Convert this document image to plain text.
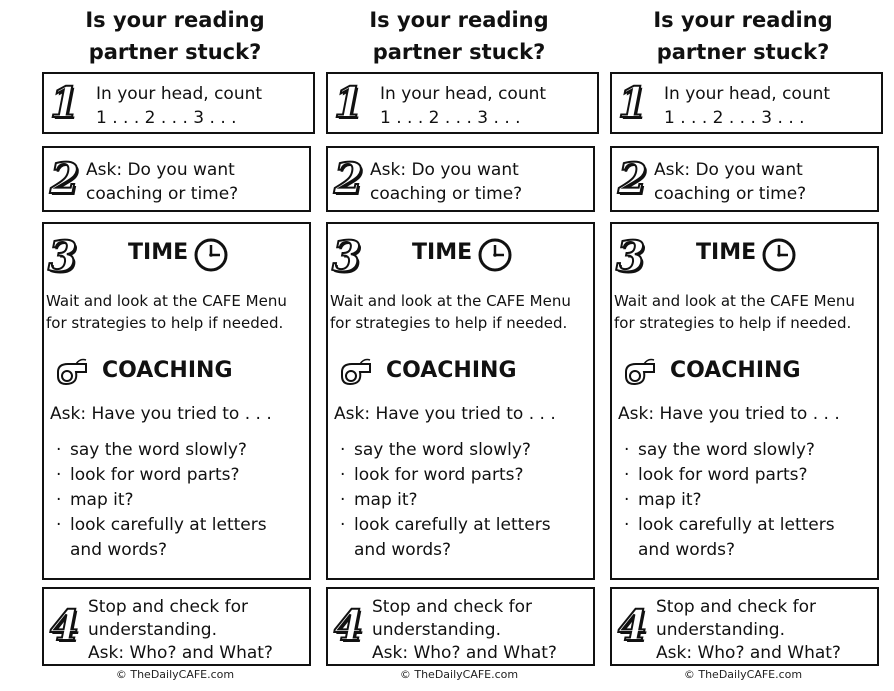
Is your reading partner stuck?
1 In your head, count
1 . . . 2 . . . 3 . . .
2 Ask: Do you want
coaching or time?
3 TIME
Wait and look at the CAFE Menu
for strategies to help if needed.
COACHING
Ask: Have you tried to . . .
· say the word slowly?
· look for word parts?
· map it?
· look carefully at letters
and words?
4 Stop and check for
understanding.
Ask: Who? and What?
© TheDailyCAFE.com
Is your reading partner stuck?
1 In your head, count
1 . . . 2 . . . 3 . . .
2 Ask: Do you want
coaching or time?
3 TIME
Wait and look at the CAFE Menu
for strategies to help if needed.
COACHING
Ask: Have you tried to . . .
· say the word slowly?
· look for word parts?
· map it?
· look carefully at letters
and words?
4 Stop and check for
understanding.
Ask: Who? and What?
© TheDailyCAFE.com
Is your reading partner stuck?
1 In your head, count
1 . . . 2 . . . 3 . . .
2 Ask: Do you want
coaching or time?
3 TIME
Wait and look at the CAFE Menu
for strategies to help if needed.
COACHING
Ask: Have you tried to . . .
· say the word slowly?
· look for word parts?
· map it?
· look carefully at letters
and words?
4 Stop and check for
understanding.
Ask: Who? and What?
© TheDailyCAFE.com
